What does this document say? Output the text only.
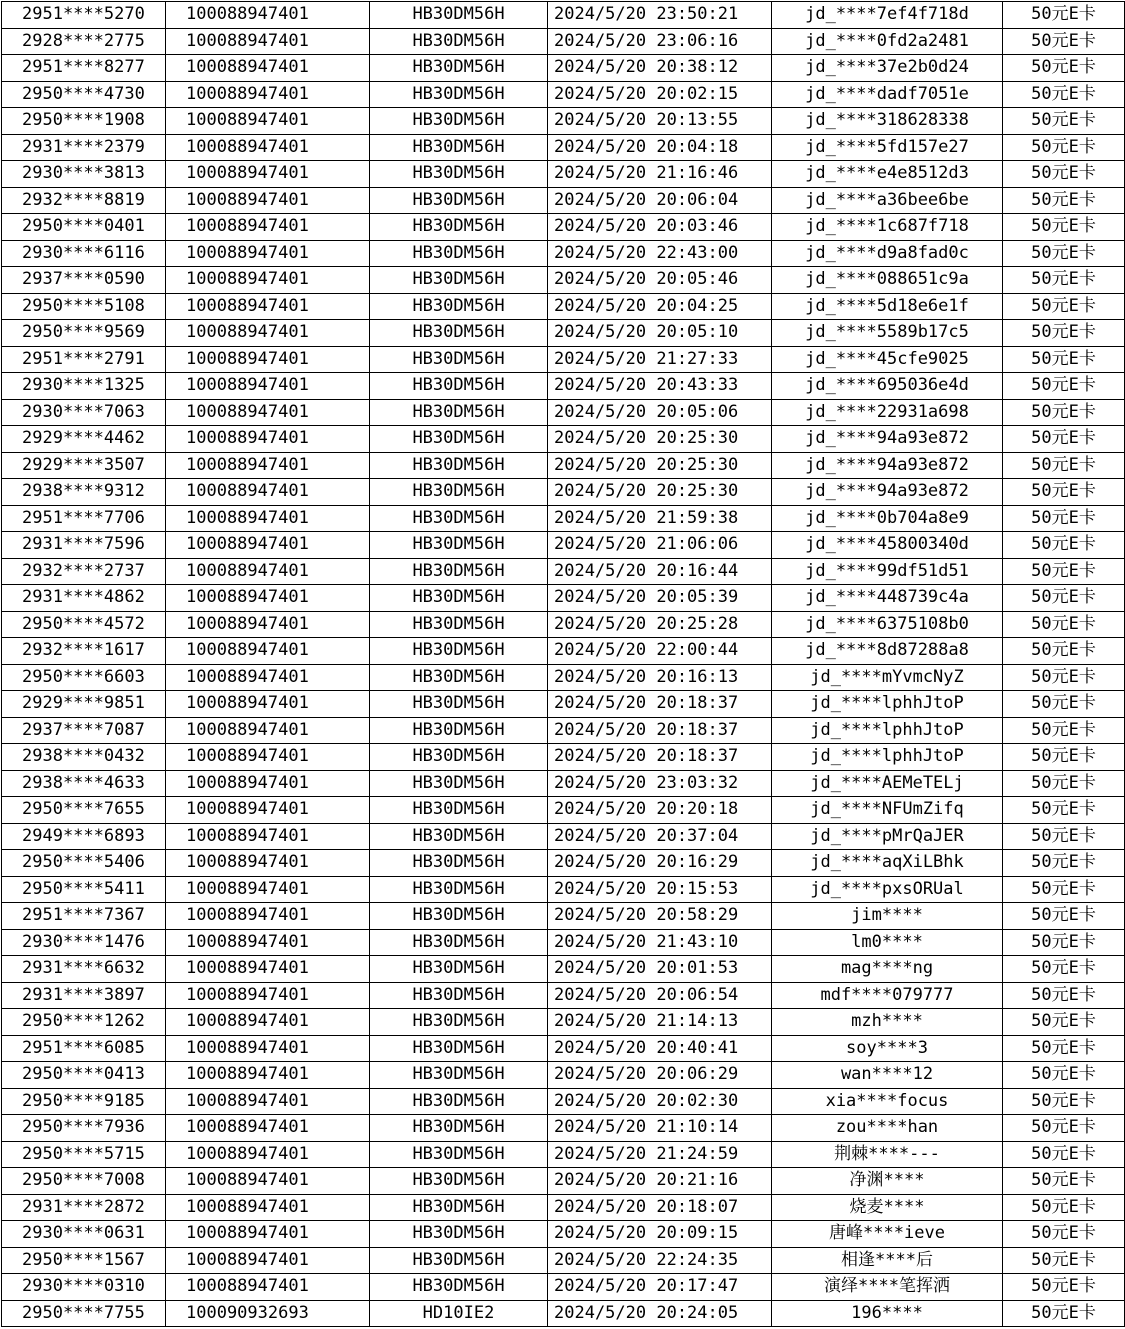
2951****5270	100088947401	HB30DM56H	2024/5/20 23:50:21	jd_****7ef4f718d	50元E卡
2928****2775	100088947401	HB30DM56H	2024/5/20 23:06:16	jd_****0fd2a2481	50元E卡
2951****8277	100088947401	HB30DM56H	2024/5/20 20:38:12	jd_****37e2b0d24	50元E卡
2950****4730	100088947401	HB30DM56H	2024/5/20 20:02:15	jd_****dadf7051e	50元E卡
2950****1908	100088947401	HB30DM56H	2024/5/20 20:13:55	jd_****318628338	50元E卡
2931****2379	100088947401	HB30DM56H	2024/5/20 20:04:18	jd_****5fd157e27	50元E卡
2930****3813	100088947401	HB30DM56H	2024/5/20 21:16:46	jd_****e4e8512d3	50元E卡
2932****8819	100088947401	HB30DM56H	2024/5/20 20:06:04	jd_****a36bee6be	50元E卡
2950****0401	100088947401	HB30DM56H	2024/5/20 20:03:46	jd_****1c687f718	50元E卡
2930****6116	100088947401	HB30DM56H	2024/5/20 22:43:00	jd_****d9a8fad0c	50元E卡
2937****0590	100088947401	HB30DM56H	2024/5/20 20:05:46	jd_****088651c9a	50元E卡
2950****5108	100088947401	HB30DM56H	2024/5/20 20:04:25	jd_****5d18e6e1f	50元E卡
2950****9569	100088947401	HB30DM56H	2024/5/20 20:05:10	jd_****5589b17c5	50元E卡
2951****2791	100088947401	HB30DM56H	2024/5/20 21:27:33	jd_****45cfe9025	50元E卡
2930****1325	100088947401	HB30DM56H	2024/5/20 20:43:33	jd_****695036e4d	50元E卡
2930****7063	100088947401	HB30DM56H	2024/5/20 20:05:06	jd_****22931a698	50元E卡
2929****4462	100088947401	HB30DM56H	2024/5/20 20:25:30	jd_****94a93e872	50元E卡
2929****3507	100088947401	HB30DM56H	2024/5/20 20:25:30	jd_****94a93e872	50元E卡
2938****9312	100088947401	HB30DM56H	2024/5/20 20:25:30	jd_****94a93e872	50元E卡
2951****7706	100088947401	HB30DM56H	2024/5/20 21:59:38	jd_****0b704a8e9	50元E卡
2931****7596	100088947401	HB30DM56H	2024/5/20 21:06:06	jd_****45800340d	50元E卡
2932****2737	100088947401	HB30DM56H	2024/5/20 20:16:44	jd_****99df51d51	50元E卡
2931****4862	100088947401	HB30DM56H	2024/5/20 20:05:39	jd_****448739c4a	50元E卡
2950****4572	100088947401	HB30DM56H	2024/5/20 20:25:28	jd_****6375108b0	50元E卡
2932****1617	100088947401	HB30DM56H	2024/5/20 22:00:44	jd_****8d87288a8	50元E卡
2950****6603	100088947401	HB30DM56H	2024/5/20 20:16:13	jd_****mYvmcNyZ	50元E卡
2929****9851	100088947401	HB30DM56H	2024/5/20 20:18:37	jd_****lphhJtoP	50元E卡
2937****7087	100088947401	HB30DM56H	2024/5/20 20:18:37	jd_****lphhJtoP	50元E卡
2938****0432	100088947401	HB30DM56H	2024/5/20 20:18:37	jd_****lphhJtoP	50元E卡
2938****4633	100088947401	HB30DM56H	2024/5/20 23:03:32	jd_****AEMeTELj	50元E卡
2950****7655	100088947401	HB30DM56H	2024/5/20 20:20:18	jd_****NFUmZifq	50元E卡
2949****6893	100088947401	HB30DM56H	2024/5/20 20:37:04	jd_****pMrQaJER	50元E卡
2950****5406	100088947401	HB30DM56H	2024/5/20 20:16:29	jd_****aqXiLBhk	50元E卡
2950****5411	100088947401	HB30DM56H	2024/5/20 20:15:53	jd_****pxsORUal	50元E卡
2951****7367	100088947401	HB30DM56H	2024/5/20 20:58:29	jim****	50元E卡
2930****1476	100088947401	HB30DM56H	2024/5/20 21:43:10	lm0****	50元E卡
2931****6632	100088947401	HB30DM56H	2024/5/20 20:01:53	mag****ng	50元E卡
2931****3897	100088947401	HB30DM56H	2024/5/20 20:06:54	mdf****079777	50元E卡
2950****1262	100088947401	HB30DM56H	2024/5/20 21:14:13	mzh****	50元E卡
2951****6085	100088947401	HB30DM56H	2024/5/20 20:40:41	soy****3	50元E卡
2950****0413	100088947401	HB30DM56H	2024/5/20 20:06:29	wan****12	50元E卡
2950****9185	100088947401	HB30DM56H	2024/5/20 20:02:30	xia****focus	50元E卡
2950****7936	100088947401	HB30DM56H	2024/5/20 21:10:14	zou****han	50元E卡
2950****5715	100088947401	HB30DM56H	2024/5/20 21:24:59	荆棘****---	50元E卡
2950****7008	100088947401	HB30DM56H	2024/5/20 20:21:16	净渊****	50元E卡
2931****2872	100088947401	HB30DM56H	2024/5/20 20:18:07	烧麦****	50元E卡
2930****0631	100088947401	HB30DM56H	2024/5/20 20:09:15	唐峰****ieve	50元E卡
2950****1567	100088947401	HB30DM56H	2024/5/20 22:24:35	相逢****后	50元E卡
2930****0310	100088947401	HB30DM56H	2024/5/20 20:17:47	演绎****笔挥洒	50元E卡
2950****7755	100090932693	HD10IE2	2024/5/20 20:24:05	196****	50元E卡
